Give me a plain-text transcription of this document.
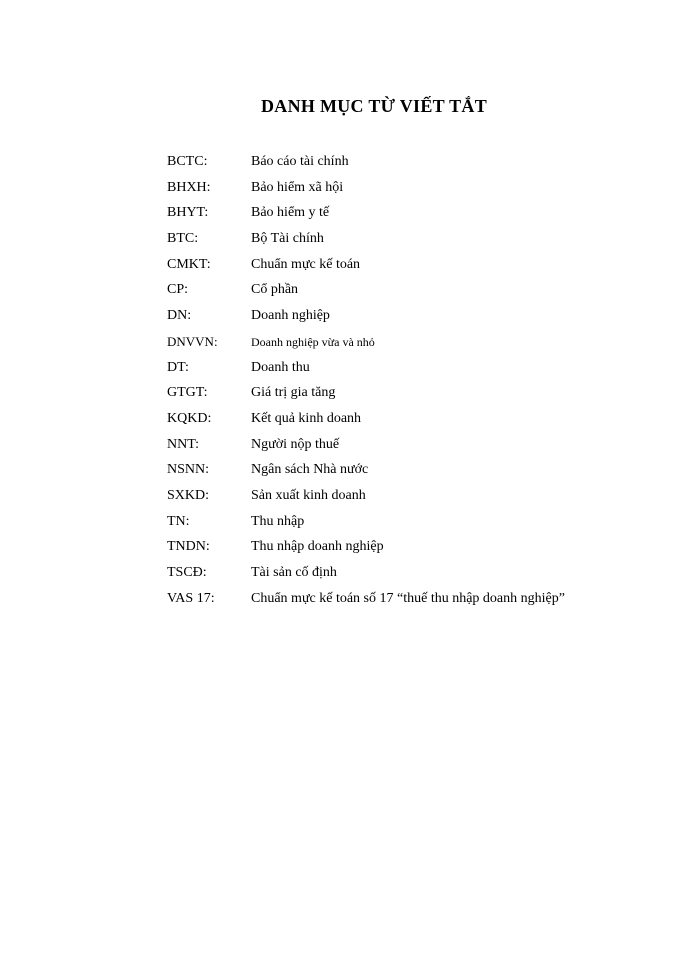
DANH MỤC TỪ VIẾT TẮT
BCTC:	Báo cáo tài chính
BHXH:	Bảo hiểm xã hội
BHYT:	Bảo hiểm y tế
BTC:	Bộ Tài chính
CMKT:	Chuẩn mực kế toán
CP:	Cổ phần
DN:	Doanh nghiệp
DNVVN:	Doanh nghiệp vừa và nhỏ
DT:	Doanh thu
GTGT:	Giá trị gia tăng
KQKD:	Kết quả kinh doanh
NNT:	Người nộp thuế
NSNN:	Ngân sách Nhà nước
SXKD:	Sản xuất kinh doanh
TN:	Thu nhập
TNDN:	Thu nhập doanh nghiệp
TSCĐ:	Tài sản cố định
VAS 17:	Chuẩn mực kế toán số 17 “thuế thu nhập doanh nghiệp”
